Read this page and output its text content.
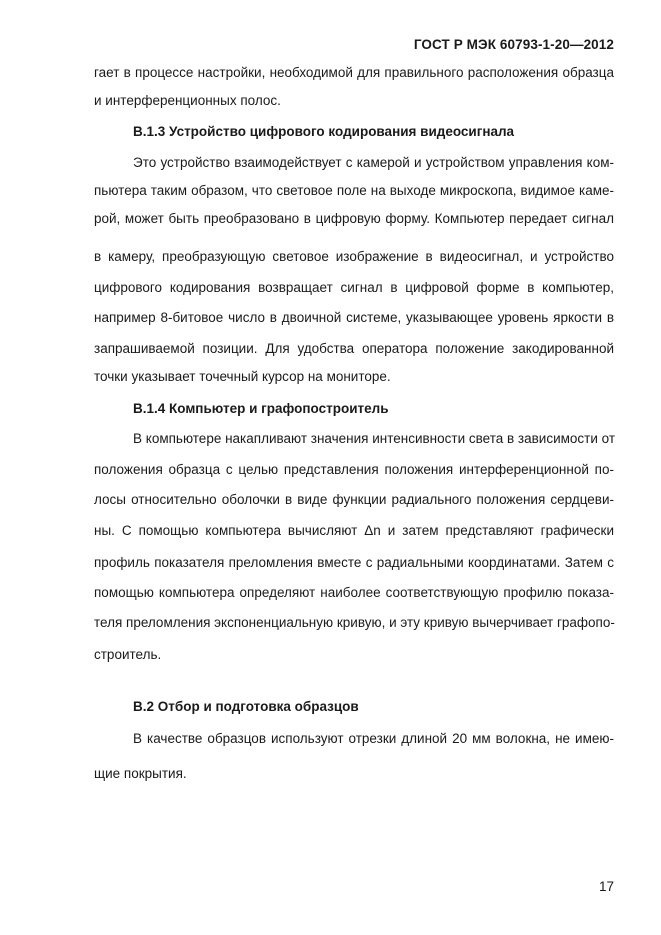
ГОСТ Р МЭК 60793-1-20—2012
гает в процессе настройки, необходимой для правильного расположения образца
и интерференционных полос.
В.1.3 Устройство цифрового кодирования видеосигнала
Это устройство взаимодействует с камерой и устройством управления ком-
пьютера таким образом, что световое поле на выходе микроскопа, видимое каме-
рой, может быть преобразовано в цифровую форму. Компьютер передает сигнал
в камеру, преобразующую световое изображение в видеосигнал, и устройство
цифрового кодирования возвращает сигнал в цифровой форме в компьютер,
например 8-битовое число в двоичной системе, указывающее уровень яркости в
запрашиваемой позиции. Для удобства оператора положение закодированной
точки указывает точечный курсор на мониторе.
В.1.4 Компьютер и графопостроитель
В компьютере накапливают значения интенсивности света в зависимости от
положения образца с целью представления положения интерференционной по-
лосы относительно оболочки в виде функции радиального положения сердцеви-
ны. С помощью компьютера вычисляют Δn и затем представляют графически
профиль показателя преломления вместе с радиальными координатами. Затем с
помощью компьютера определяют наиболее соответствующую профилю показа-
теля преломления экспоненциальную кривую, и эту кривую вычерчивает графопо-
строитель.
В.2 Отбор и подготовка образцов
В качестве образцов используют отрезки длиной 20 мм волокна, не имею-
щие покрытия.
17
